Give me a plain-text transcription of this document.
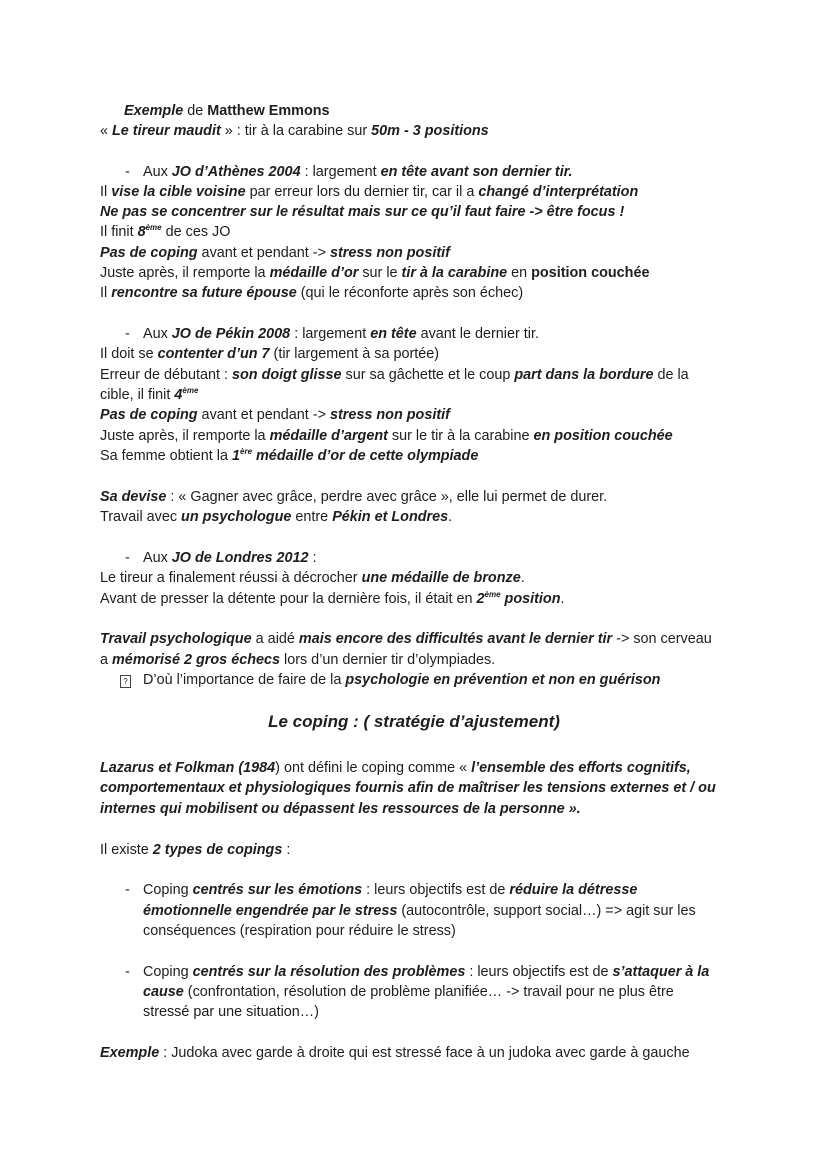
Exemple de Matthew Emmons
« Le tireur maudit » : tir à la carabine sur 50m - 3 positions
- Aux JO d’Athènes 2004 : largement en tête avant son dernier tir.
Il vise la cible voisine par erreur lors du dernier tir, car il a changé d’interprétation
Ne pas se concentrer sur le résultat mais sur ce qu’il faut faire -> être focus !
Il finit 8ème de ces JO
Pas de coping avant et pendant -> stress non positif
Juste après, il remporte la médaille d’or sur le tir à la carabine en position couchée
Il rencontre sa future épouse (qui le réconforte après son échec)
- Aux JO de Pékin 2008 : largement en tête avant le dernier tir.
Il doit se contenter d’un 7 (tir largement à sa portée)
Erreur de débutant : son doigt glisse sur sa gâchette et le coup part dans la bordure de la
cible, il finit 4ème
Pas de coping avant et pendant -> stress non positif
Juste après, il remporte la médaille d’argent sur le tir à la carabine en position couchée
Sa femme obtient la 1ère médaille d’or de cette olympiade
Sa devise : « Gagner avec grâce, perdre avec grâce », elle lui permet de durer.
Travail avec un psychologue entre Pékin et Londres.
- Aux JO de Londres 2012 :
Le tireur a finalement réussi à décrocher une médaille de bronze.
Avant de presser la détente pour la dernière fois, il était en 2ème position.
Travail psychologique a aidé mais encore des difficultés avant le dernier tir -> son cerveau
a mémorisé 2 gros échecs lors d’un dernier tir d’olympiades.
? D’où l’importance de faire de la psychologie en prévention et non en guérison
Le coping : ( stratégie d’ajustement)
Lazarus et Folkman (1984) ont défini le coping comme « l’ensemble des efforts cognitifs,
comportementaux et physiologiques fournis afin de maîtriser les tensions externes et / ou
internes qui mobilisent ou dépassent les ressources de la personne ».
Il existe 2 types de copings :
- Coping centrés sur les émotions : leurs objectifs est de réduire la détresse
émotionnelle engendrée par le stress (autocontrôle, support social…) => agit sur les
conséquences (respiration pour réduire le stress)
- Coping centrés sur la résolution des problèmes : leurs objectifs est de s’attaquer à la
cause (confrontation, résolution de problème planifiée… -> travail pour ne plus être
stressé par une situation…)
Exemple : Judoka avec garde à droite qui est stressé face à un judoka avec garde à gauche
